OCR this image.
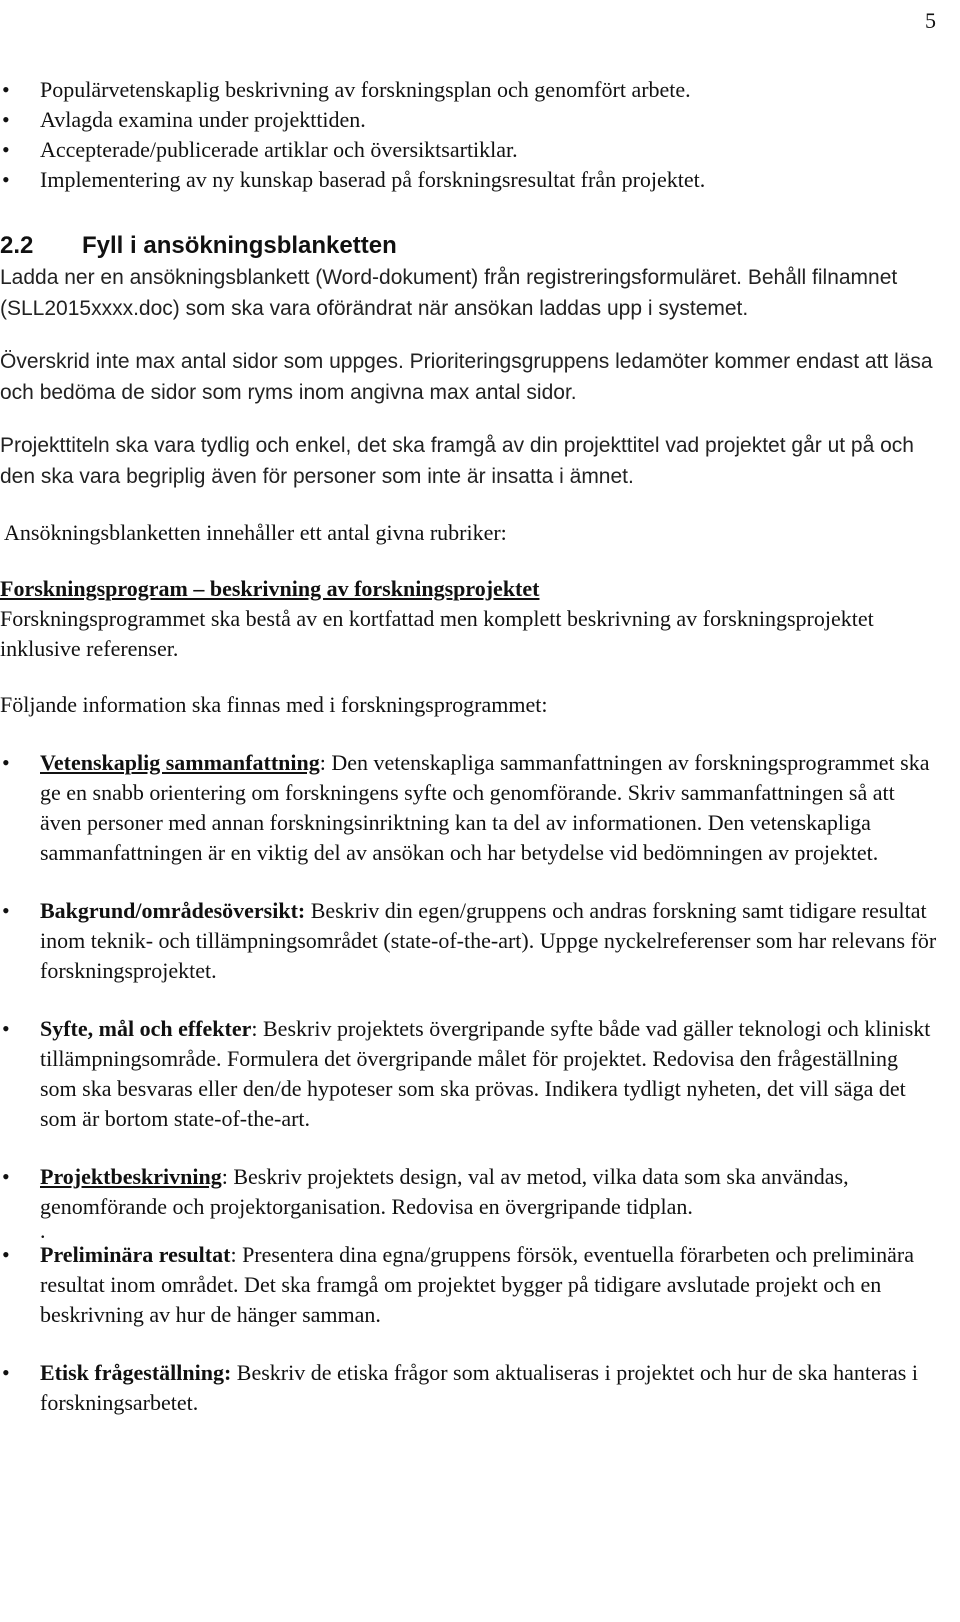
5
• Populärvetenskaplig beskrivning av forskningsplan och genomfört arbete.
• Avlagda examina under projekttiden.
• Accepterade/publicerade artiklar och översiktsartiklar.
• Implementering av ny kunskap baserad på forskningsresultat från projektet.
2.2 Fyll i ansökningsblanketten
Ladda ner en ansökningsblankett (Word-dokument) från registreringsformuläret. Behåll filnamnet (SLL2015xxxx.doc) som ska vara oförändrat när ansökan laddas upp i systemet.
Överskrid inte max antal sidor som uppges. Prioriteringsgruppens ledamöter kommer endast att läsa och bedöma de sidor som ryms inom angivna max antal sidor.
Projekttiteln ska vara tydlig och enkel, det ska framgå av din projekttitel vad projektet går ut på och den ska vara begriplig även för personer som inte är insatta i ämnet.
Ansökningsblanketten innehåller ett antal givna rubriker:
Forskningsprogram – beskrivning av forskningsprojektet
Forskningsprogrammet ska bestå av en kortfattad men komplett beskrivning av forskningsprojektet inklusive referenser.
Följande information ska finnas med i forskningsprogrammet:
• Vetenskaplig sammanfattning: Den vetenskapliga sammanfattningen av forskningsprogrammet ska ge en snabb orientering om forskningens syfte och genomförande. Skriv sammanfattningen så att även personer med annan forskningsinriktning kan ta del av informationen. Den vetenskapliga sammanfattningen är en viktig del av ansökan och har betydelse vid bedömningen av projektet.
• Bakgrund/områdesöversikt: Beskriv din egen/gruppens och andras forskning samt tidigare resultat inom teknik- och tillämpningsområdet (state-of-the-art). Uppge nyckelreferenser som har relevans för forskningsprojektet.
• Syfte, mål och effekter: Beskriv projektets övergripande syfte både vad gäller teknologi och kliniskt tillämpningsområde. Formulera det övergripande målet för projektet. Redovisa den frågeställning som ska besvaras eller den/de hypoteser som ska prövas. Indikera tydligt nyheten, det vill säga det som är bortom state-of-the-art.
• Projektbeskrivning: Beskriv projektets design, val av metod, vilka data som ska användas, genomförande och projektorganisation. Redovisa en övergripande tidplan.
.
• Preliminära resultat: Presentera dina egna/gruppens försök, eventuella förarbeten och preliminära resultat inom området. Det ska framgå om projektet bygger på tidigare avslutade projekt och en beskrivning av hur de hänger samman.
• Etisk frågeställning: Beskriv de etiska frågor som aktualiseras i projektet och hur de ska hanteras i forskningsarbetet.
